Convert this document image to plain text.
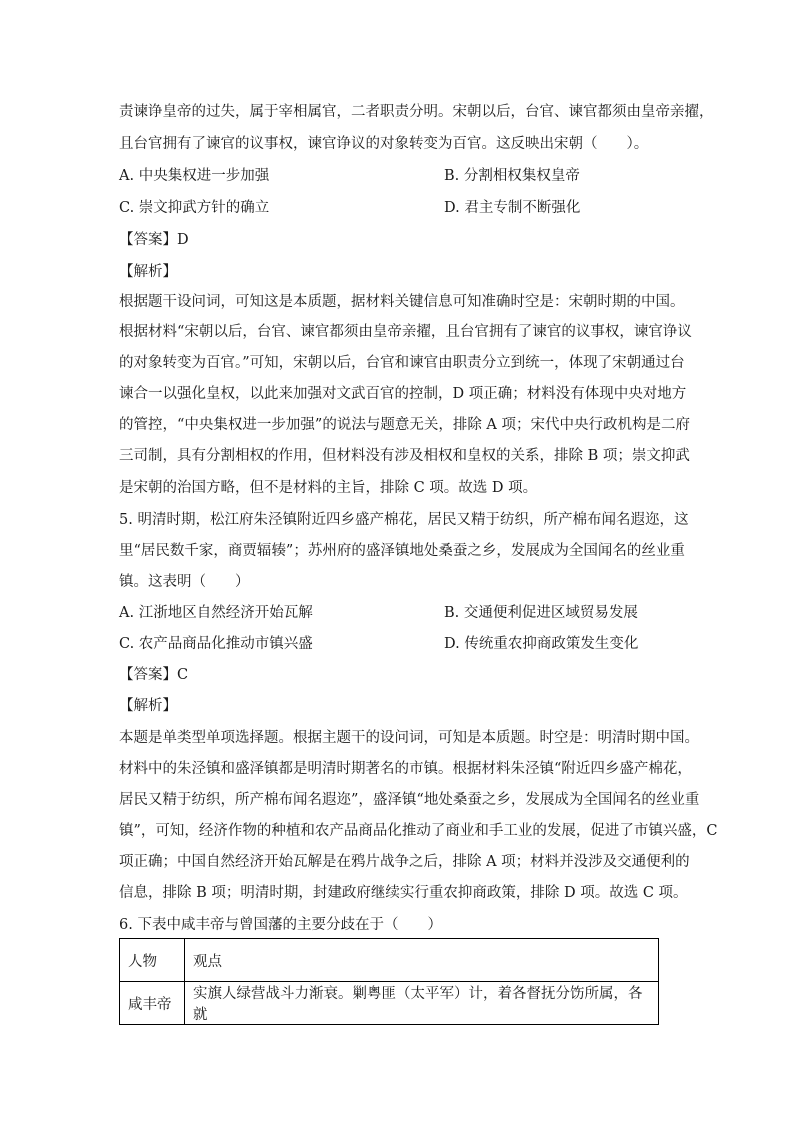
责谏诤皇帝的过失，属于宰相属官，二者职责分明。宋朝以后，台官、谏官都须由皇帝亲擢，
且台官拥有了谏官的议事权，谏官诤议的对象转变为百官。这反映出宋朝（　　）。
A. 中央集权进一步加强	B. 分割相权集权皇帝
C. 崇文抑武方针的确立	D. 君主专制不断强化
【答案】D
【解析】
根据题干设问词，可知这是本质题，据材料关键信息可知准确时空是：宋朝时期的中国。
根据材料“宋朝以后，台官、谏官都须由皇帝亲擢，且台官拥有了谏官的议事权，谏官诤议
的对象转变为百官。”可知，宋朝以后，台官和谏官由职责分立到统一，体现了宋朝通过台
谏合一以强化皇权，以此来加强对文武百官的控制，D 项正确；材料没有体现中央对地方
的管控，“中央集权进一步加强”的说法与题意无关，排除 A 项；宋代中央行政机构是二府
三司制，具有分割相权的作用，但材料没有涉及相权和皇权的关系，排除 B 项；崇文抑武
是宋朝的治国方略，但不是材料的主旨，排除 C 项。故选 D 项。
5. 明清时期，松江府朱泾镇附近四乡盛产棉花，居民又精于纺织，所产棉布闻名遐迩，这
里“居民数千家，商贾辐辏”；苏州府的盛泽镇地处桑蚕之乡，发展成为全国闻名的丝业重
镇。这表明（　　）
A. 江浙地区自然经济开始瓦解	B. 交通便利促进区域贸易发展
C. 农产品商品化推动市镇兴盛	D. 传统重农抑商政策发生变化
【答案】C
【解析】
本题是单类型单项选择题。根据主题干的设问词，可知是本质题。时空是：明清时期中国。
材料中的朱泾镇和盛泽镇都是明清时期著名的市镇。根据材料朱泾镇“附近四乡盛产棉花，
居民又精于纺织，所产棉布闻名遐迩”，盛泽镇“地处桑蚕之乡，发展成为全国闻名的丝业重
镇”，可知，经济作物的种植和农产品商品化推动了商业和手工业的发展，促进了市镇兴盛，C
项正确；中国自然经济开始瓦解是在鸦片战争之后，排除 A 项；材料并没涉及交通便利的
信息，排除 B 项；明清时期，封建政府继续实行重农抑商政策，排除 D 项。故选 C 项。
6. 下表中咸丰帝与曾国藩的主要分歧在于（　　）
人物	观点
咸丰帝	实旗人绿营战斗力渐衰。剿粤匪（太平军）计，着各督抚分饬所属，各就
